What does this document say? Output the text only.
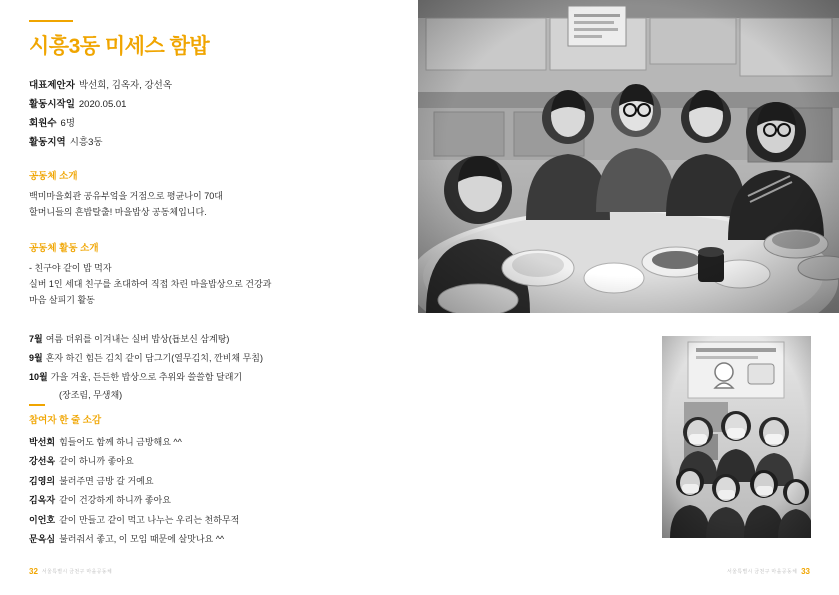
시흥3동 미세스 함밥
대표제안자 박선희, 김옥자, 강선옥
활동시작일 2020.05.01
회원수 6명
활동지역 시흥3동
공동체 소개
백미마을회관 공유부엌을 거점으로 평균나이 70대
할머니들의 흔밥탈출! 마을밥상 공동체입니다.
공동체 활동 소개
- 친구야 같이 밥 먹자
실버 1인 세대 친구를 초대하여 직접 차린 마을밥상으로 건강과
마음 살피기 활동
7월 여름 더위를 이겨내는 실버 밥상(둅보신 삼계탕)
9월 혼자 하긴 힘든 김치 같이 담그기(열무김치, 깐비채 무침)
10월 가을 겨울, 든든한 밥상으로 추위와 쓸쓸함 달래기
(장조림, 무생채)
참여자 한 줄 소감
박선희 힘들어도 함께 하니 금방해요 ^^
강선옥 같이 하니까 좋아요
김영의 불러주면 금방 갈 거예요
김옥자 같이 건강하게 하니까 좋아요
이언호 같이 만들고 같이 먹고 나누는 우리는 천하무적
문옥심 불러줘서 좋고, 이 모임 때문에 살맛나요 ^^
32 서울특별시 금천구 마을공동체	서울특별시 금천구 마을공동체 33
